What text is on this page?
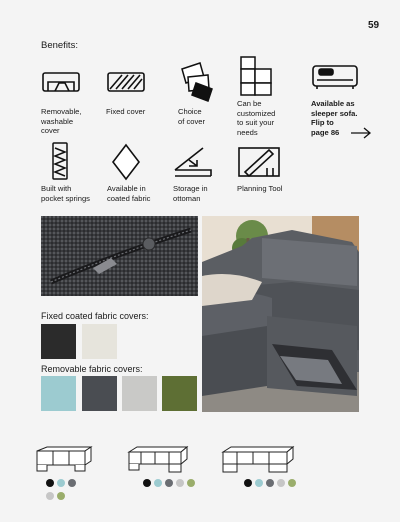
59
Benefits:
Removable,
washable
cover
Fixed cover	Choice
of cover
Can be
customized
to suit your
needs
Available as
sleeper sofa.
Flip to
page 86
Built with
pocket springs
Available in
coated fabric
Storage in
ottoman
Planning Tool
Fixed coated fabric covers:
Removable fabric covers:
